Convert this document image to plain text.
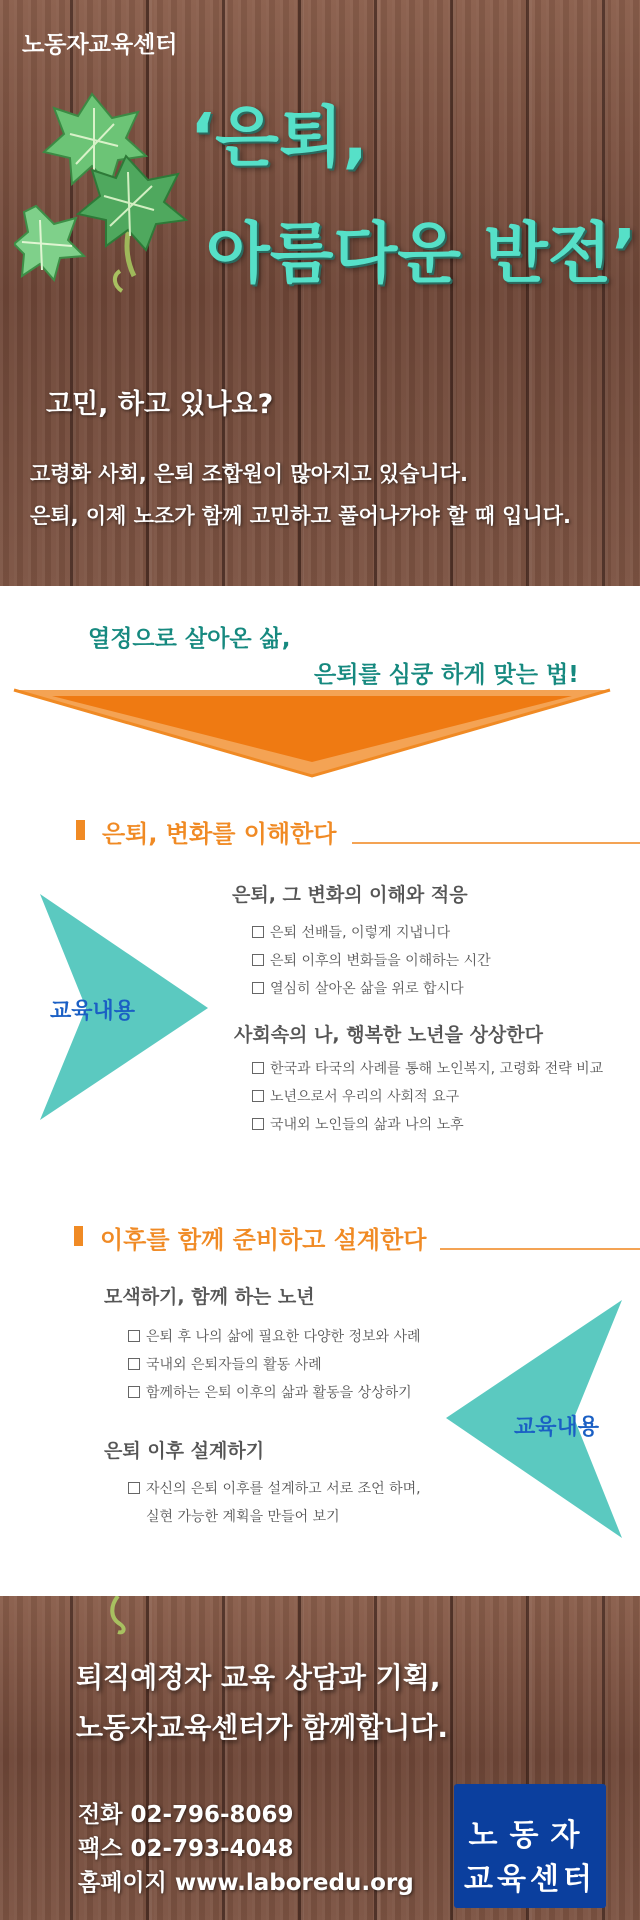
노동자교육센터
‘은퇴,
아름다운 반전’
고민, 하고 있나요?
고령화 사회, 은퇴 조합원이 많아지고 있습니다.
은퇴, 이제 노조가 함께 고민하고 풀어나가야 할 때 입니다.
열정으로 살아온 삶,
은퇴를 심쿵 하게 맞는 법!
은퇴, 변화를 이해한다
교육내용
은퇴, 그 변화의 이해와 적응
은퇴 선배들, 이렇게 지냅니다
은퇴 이후의 변화들을 이해하는 시간
열심히 살아온 삶을 위로 합시다
사회속의 나, 행복한 노년을 상상한다
한국과 타국의 사례를 통해 노인복지, 고령화 전략 비교
노년으로서 우리의 사회적 요구
국내외 노인들의 삶과 나의 노후
이후를 함께 준비하고 설계한다
모색하기, 함께 하는 노년
은퇴 후 나의 삶에 필요한 다양한 정보와 사례
국내외 은퇴자들의 활동 사례
함께하는 은퇴 이후의 삶과 활동을 상상하기
은퇴 이후 설계하기
자신의 은퇴 이후를 설계하고 서로 조언 하며,
실현 가능한 계획을 만들어 보기
교육내용
퇴직예정자 교육 상담과 기획,
노동자교육센터가 함께합니다.
전화 02-796-8069
팩스 02-793-4048
홈페이지 www.laboredu.org
노동자
교육센터
